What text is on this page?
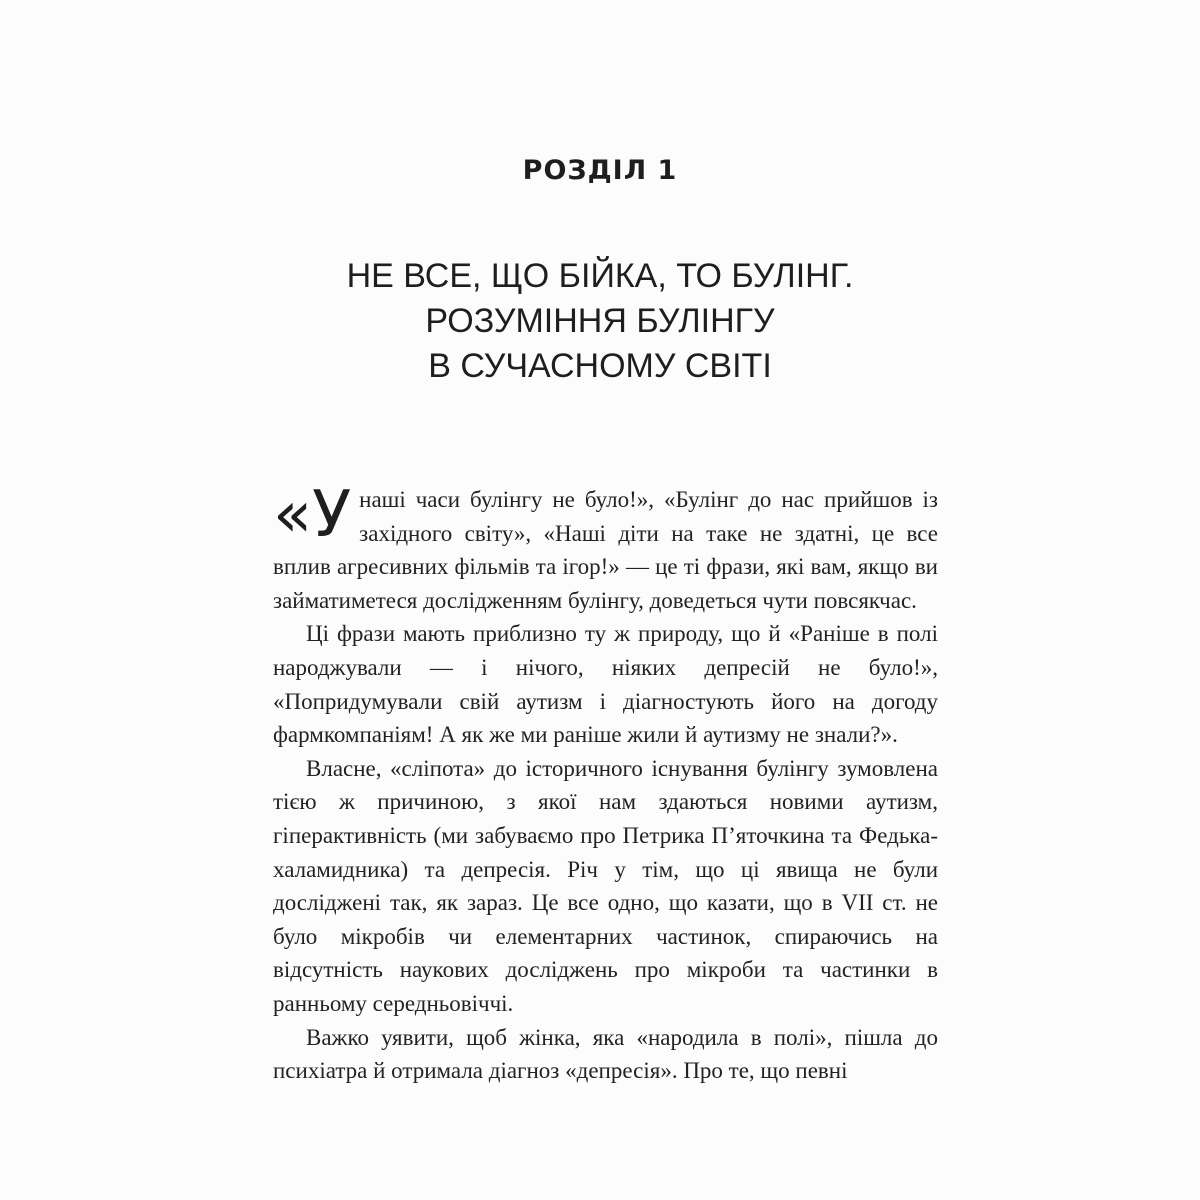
РОЗДІЛ 1
НЕ ВСЕ, ЩО БІЙКА, ТО БУЛІНГ.
РОЗУМІННЯ БУЛІНГУ
В СУЧАСНОМУ СВІТІ

«Унаші часи булінгу не було!», «Булінг до нас прийшов із західного світу», «Наші діти на таке не здатні, це все вплив агресивних фільмів та ігор!» — це ті фрази, які вам, якщо ви займатиметеся дослідженням булінгу, доведеться чути повсякчас.

Ці фрази мають приблизно ту ж природу, що й «Раніше в полі народжували — і нічого, ніяких депресій не було!», «Попридумували свій аутизм і діагностують його на догоду фармкомпаніям! А як же ми раніше жили й аутизму не знали?».

Власне, «сліпота» до історичного існування булінгу зумовлена тією ж причиною, з якої нам здаються новими аутизм, гіперактивність (ми забуваємо про Петрика П’яточкина та Федька-халамидника) та депресія. Річ у тім, що ці явища не були досліджені так, як зараз. Це все одно, що казати, що в VII ст. не було мікробів чи елементарних частинок, спираючись на відсутність наукових досліджень про мікроби та частинки в ранньому середньовіччі.

Важко уявити, щоб жінка, яка «народила в полі», пішла до психіатра й отримала діагноз «депресія». Про те, що певні
